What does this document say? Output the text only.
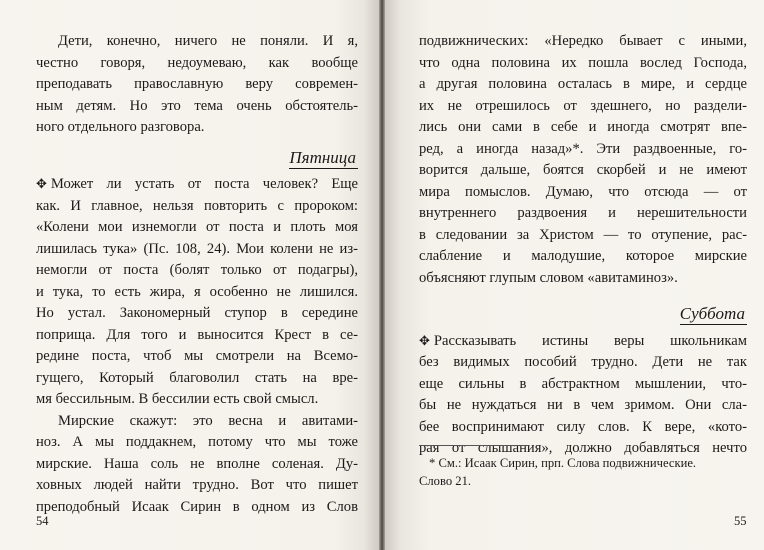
Дети, конечно, ничего не поняли. И я,
честно говоря, недоумеваю, как вообще
преподавать православную веру современ-
ным детям. Но это тема очень обстоятель-
ного отдельного разговора.
Пятница
✥ Может ли устать от поста человек? Еще
как. И главное, нельзя повторить с пророком:
«Колени мои изнемогли от поста и плоть моя
лишилась тука» (Пс. 108, 24). Мои колени не из-
немогли от поста (болят только от подагры),
и тука, то есть жира, я особенно не лишился.
Но устал. Закономерный ступор в середине
поприща. Для того и выносится Крест в се-
редине поста, чтоб мы смотрели на Всемо-
гущего, Который благоволил стать на вре-
мя бессильным. В бессилии есть свой смысл.
Мирские скажут: это весна и авитами-
ноз. А мы поддакнем, потому что мы тоже
мирские. Наша соль не вполне соленая. Ду-
ховных людей найти трудно. Вот что пишет
преподобный Исаак Сирин в одном из Слов
54
подвижнических: «Нередко бывает с иными,
что одна половина их пошла вослед Господа,
а другая половина осталась в мире, и сердце
их не отрешилось от здешнего, но раздели-
лись они сами в себе и иногда смотрят впе-
ред, а иногда назад»*. Эти раздвоенные, го-
ворится дальше, боятся скорбей и не имеют
мира помыслов. Думаю, что отсюда — от
внутреннего раздвоения и нерешительности
в следовании за Христом — то отупение, рас-
слабление и малодушие, которое мирские
объясняют глупым словом «авитаминоз».
Суббота
✥ Рассказывать истины веры школьникам
без видимых пособий трудно. Дети не так
еще сильны в абстрактном мышлении, что-
бы не нуждаться ни в чем зримом. Они сла-
бее воспринимают силу слов. К вере, «кото-
рая от слышания», должно добавляться нечто
* См.: Исаак Сирин, прп. Слова подвижнические.
Слово 21.
55
